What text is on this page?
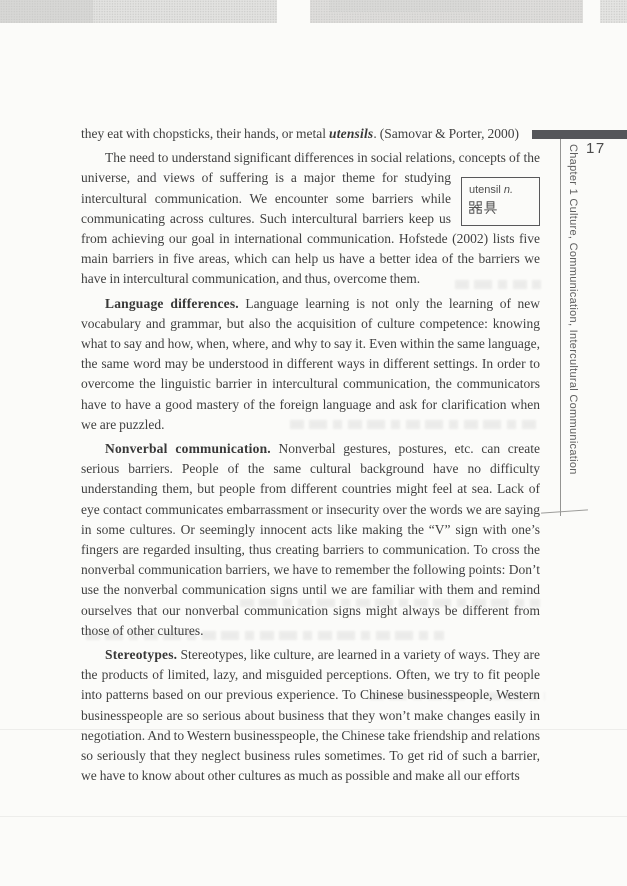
17
Chapter 1 Culture, Communication, Intercultural Communication

they eat with chopsticks, their hands, or metal utensils. (Samovar & Porter, 2000)

The need to understand significant differences in social relations, concepts of
utensil n.
the universe, and views of suffering is a major theme for studying intercultural communication. We encounter some barriers while communicating across cultures. Such intercultural barriers keep us from achieving our goal in international communication. Hofstede (2002) lists five main barriers in five areas, which can help us have a better idea of the barriers we have in intercultural communication, and thus, overcome them.

Language differences. Language learning is not only the learning of new vocabulary and grammar, but also the acquisition of culture competence: knowing what to say and how, when, where, and why to say it. Even within the same language, the same word may be understood in different ways in different settings. In order to overcome the linguistic barrier in intercultural communication, the communicators have to have a good mastery of the foreign language and ask for clarification when we are puzzled.

Nonverbal communication. Nonverbal gestures, postures, etc. can create serious barriers. People of the same cultural background have no difficulty understanding them, but people from different countries might feel at sea. Lack of eye contact communicates embarrassment or insecurity over the words we are saying in some cultures. Or seemingly innocent acts like making the “V” sign with one’s fingers are regarded insulting, thus creating barriers to communication. To cross the nonverbal communication barriers, we have to remember the following points: Don’t use the nonverbal communication signs until we are familiar with them and remind ourselves that our nonverbal communication signs might always be different from those of other cultures.

Stereotypes. Stereotypes, like culture, are learned in a variety of ways. They are the products of limited, lazy, and misguided perceptions. Often, we try to fit people into patterns based on our previous experience. To Chinese businesspeople, Western businesspeople are so serious about business that they won’t make changes easily in negotiation. And to Western businesspeople, the Chinese take friendship and relations so seriously that they neglect business rules sometimes. To get rid of such a barrier, we have to know about other cultures as much as possible and make all our efforts
